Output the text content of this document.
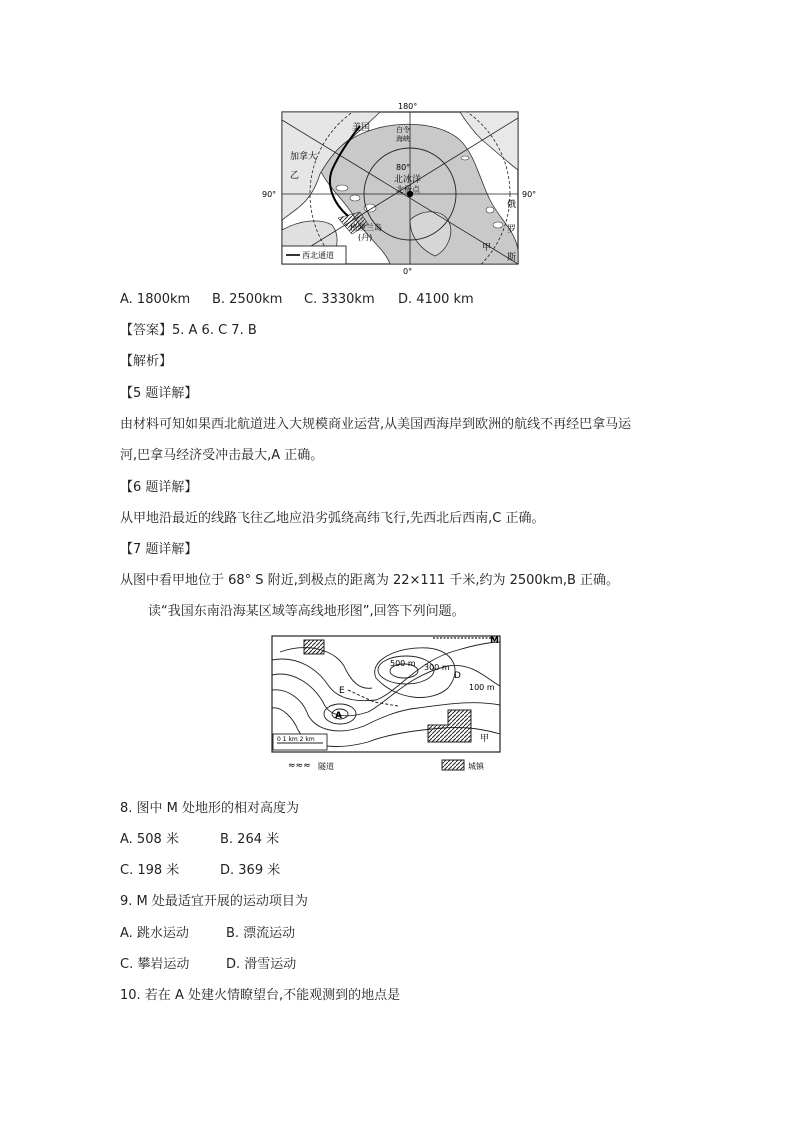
180°
90°	90°
0°
美国	白令
海峡
加拿大
80°
北冰洋
北极点
乙
格陵兰岛
(丹)
甲
俄
罗
斯
西北通道
A. 1800km B. 2500km C. 3330km D. 4100 km
【答案】5. A 6. C 7. B
【解析】
【5 题详解】
由材料可知如果西北航道进入大规模商业运营,从美国西海岸到欧洲的航线不再经巴拿马运
河,巴拿马经济受冲击最大,A 正确。
【6 题详解】
从甲地沿最近的线路飞往乙地应沿劣弧绕高纬飞行,先西北后西南,C 正确。
【7 题详解】
从图中看甲地位于 68° S 附近,到极点的距离为 22×111 千米,约为 2500km,B 正确。
读“我国东南沿海某区域等高线地形图”,回答下列问题。
500 m 300 m
100 m
M
D
E
A
甲
0 1 km 2 km
≈≈≈ 隧道	城镇
8. 图中 M 处地形的相对高度为
A. 508 米	B. 264 米
C. 198 米	D. 369 米
9. M 处最适宜开展的运动项目为
A. 跳水运动	B. 漂流运动
C. 攀岩运动	D. 滑雪运动
10. 若在 A 处建火情瞭望台,不能观测到的地点是
